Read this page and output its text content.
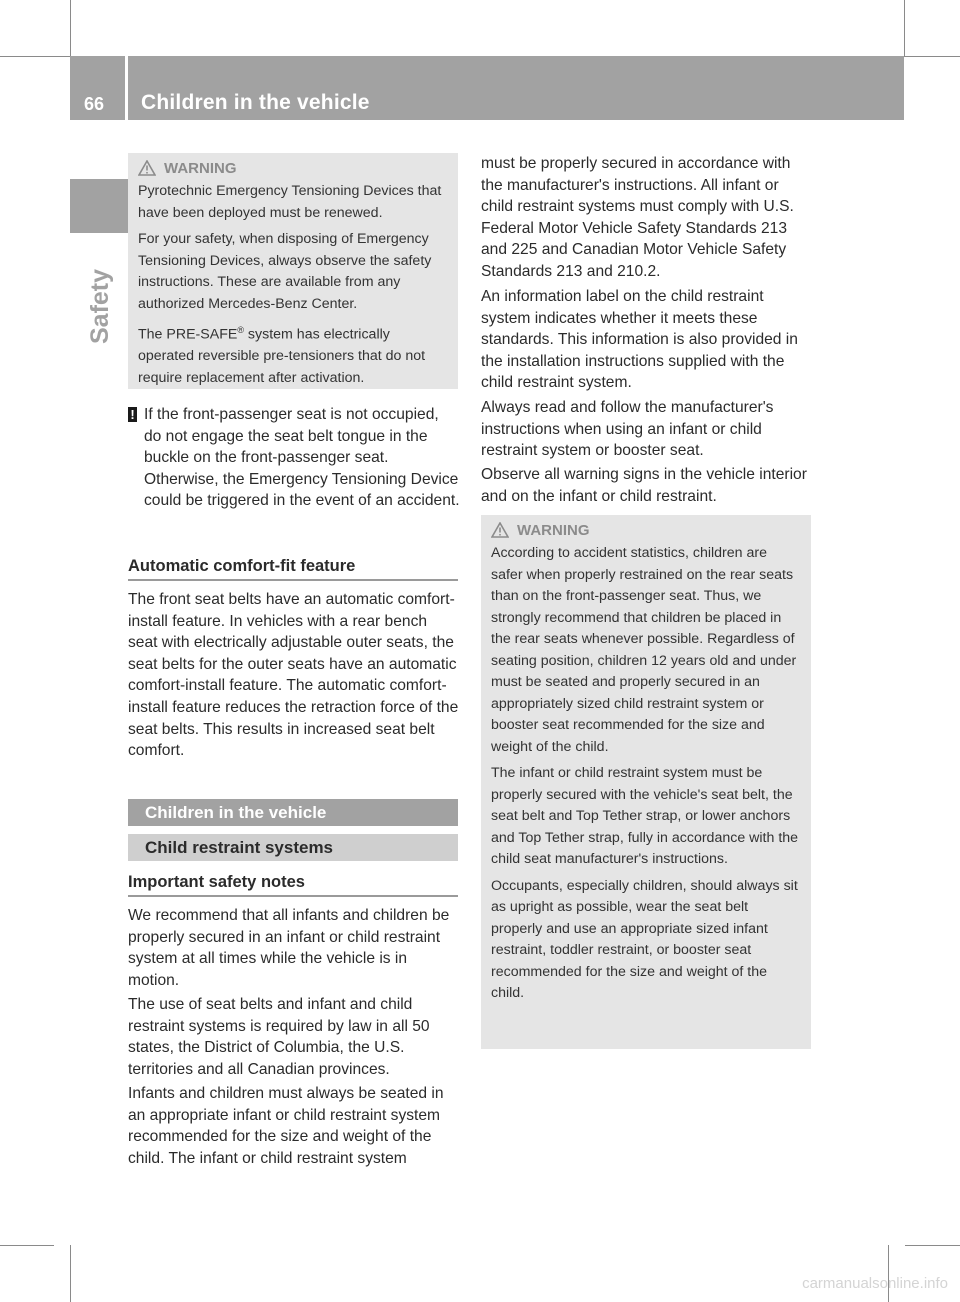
66 Children in the vehicle
Safety
WARNING

Pyrotechnic Emergency Tensioning Devices that have been deployed must be renewed.

For your safety, when disposing of Emergency Tensioning Devices, always observe the safety instructions. These are available from any authorized Mercedes-Benz Center.

The PRE-SAFE® system has electrically operated reversible pre-tensioners that do not require replacement after activation.

! If the front-passenger seat is not occupied, do not engage the seat belt tongue in the buckle on the front-passenger seat. Otherwise, the Emergency Tensioning Device could be triggered in the event of an accident.
Automatic comfort-fit feature

The front seat belts have an automatic comfort-install feature. In vehicles with a rear bench seat with electrically adjustable outer seats, the seat belts for the outer seats have an automatic comfort-install feature. The automatic comfort-install feature reduces the retraction force of the seat belts. This results in increased seat belt comfort.

Children in the vehicle
Child restraint systems
Important safety notes

We recommend that all infants and children be properly secured in an infant or child restraint system at all times while the vehicle is in motion.

The use of seat belts and infant and child restraint systems is required by law in all 50 states, the District of Columbia, the U.S. territories and all Canadian provinces.

Infants and children must always be seated in an appropriate infant or child restraint system recommended for the size and weight of the child. The infant or child restraint system

must be properly secured in accordance with the manufacturer's instructions. All infant or child restraint systems must comply with U.S. Federal Motor Vehicle Safety Standards 213 and 225 and Canadian Motor Vehicle Safety Standards 213 and 210.2.

An information label on the child restraint system indicates whether it meets these standards. This information is also provided in the installation instructions supplied with the child restraint system.

Always read and follow the manufacturer's instructions when using an infant or child restraint system or booster seat.

Observe all warning signs in the vehicle interior and on the infant or child restraint.

WARNING

According to accident statistics, children are safer when properly restrained on the rear seats than on the front-passenger seat. Thus, we strongly recommend that children be placed in the rear seats whenever possible. Regardless of seating position, children 12 years old and under must be seated and properly secured in an appropriately sized child restraint system or booster seat recommended for the size and weight of the child.

The infant or child restraint system must be properly secured with the vehicle's seat belt, the seat belt and Top Tether strap, or lower anchors and Top Tether strap, fully in accordance with the child seat manufacturer's instructions.

Occupants, especially children, should always sit as upright as possible, wear the seat belt properly and use an appropriate sized infant restraint, toddler restraint, or booster seat recommended for the size and weight of the child.

carmanualsonline.info
